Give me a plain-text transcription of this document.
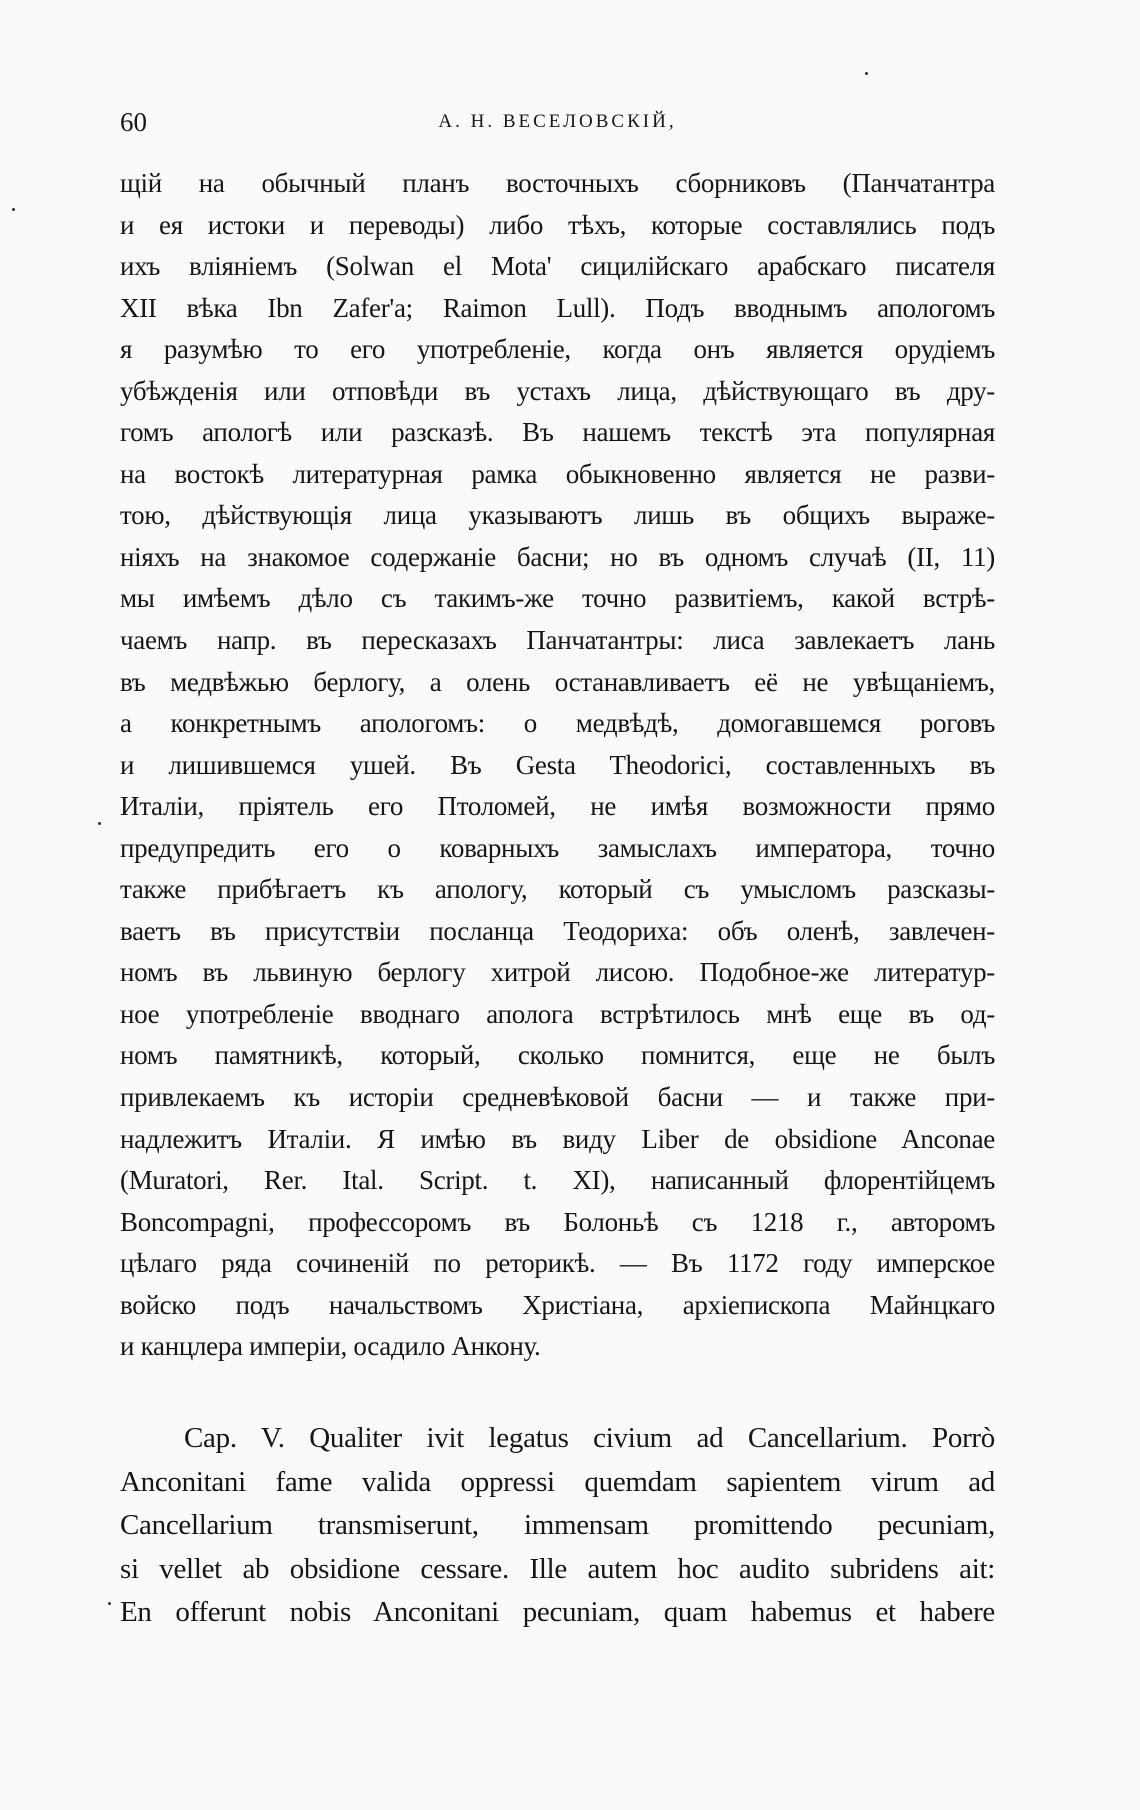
60	А. Н. ВЕСЕЛОВСКІЙ,
щій на обычный планъ восточныхъ сборниковъ (Панчатантра
и ея истоки и переводы) либо тѣхъ, которые составлялись подъ
ихъ вліяніемъ (Solwan el Mota' сицилійскаго арабскаго писателя
XII вѣка Ibn Zafer'a; Raimon Lull). Подъ вводнымъ апологомъ
я разумѣю то его употребленіе, когда онъ является орудіемъ
убѣжденія или отповѣди въ устахъ лица, дѣйствующаго въ дру-
гомъ апологѣ или разсказѣ. Въ нашемъ текстѣ эта популярная
на востокѣ литературная рамка обыкновенно является не разви-
тою, дѣйствующія лица указываютъ лишь въ общихъ выраже-
ніяхъ на знакомое содержаніе басни; но въ одномъ случаѣ (II, 11)
мы имѣемъ дѣло съ такимъ-же точно развитіемъ, какой встрѣ-
чаемъ напр. въ пересказахъ Панчатантры: лиса завлекаетъ лань
въ медвѣжью берлогу, а олень останавливаетъ её не увѣщаніемъ,
а конкретнымъ апологомъ: о медвѣдѣ, домогавшемся роговъ
и лишившемся ушей. Въ Gesta Theodorici, составленныхъ въ
Италіи, пріятель его Птоломей, не имѣя возможности прямо
предупредить его о коварныхъ замыслахъ императора, точно
также прибѣгаетъ къ апологу, который съ умысломъ разсказы-
ваетъ въ присутствіи посланца Теодориха: объ оленѣ, завлечен-
номъ въ львиную берлогу хитрой лисою. Подобное-же литератур-
ное употребленіе вводнаго аполога встрѣтилось мнѣ еще въ од-
номъ памятникѣ, который, сколько помнится, еще не былъ
привлекаемъ къ исторіи средневѣковой басни — и также при-
надлежитъ Италіи. Я имѣю въ виду Liber de obsidione Anconae
(Muratori, Rer. Ital. Script. t. XI), написанный флорентійцемъ
Boncompagni, профессоромъ въ Болоньѣ съ 1218 г., авторомъ
цѣлаго ряда сочиненій по реторикѣ. — Въ 1172 году имперское
войско подъ начальствомъ Христіана, архіепископа Майнцкаго
и канцлера имперіи, осадило Анкону.
Cap. V. Qualiter ivit legatus civium ad Cancellarium. Porrò
Anconitani fame valida oppressi quemdam sapientem virum ad
Cancellarium transmiserunt, immensam promittendo pecuniam,
si vellet ab obsidione cessare. Ille autem hoc audito subridens ait:
En offerunt nobis Anconitani pecuniam, quam habemus et habere
